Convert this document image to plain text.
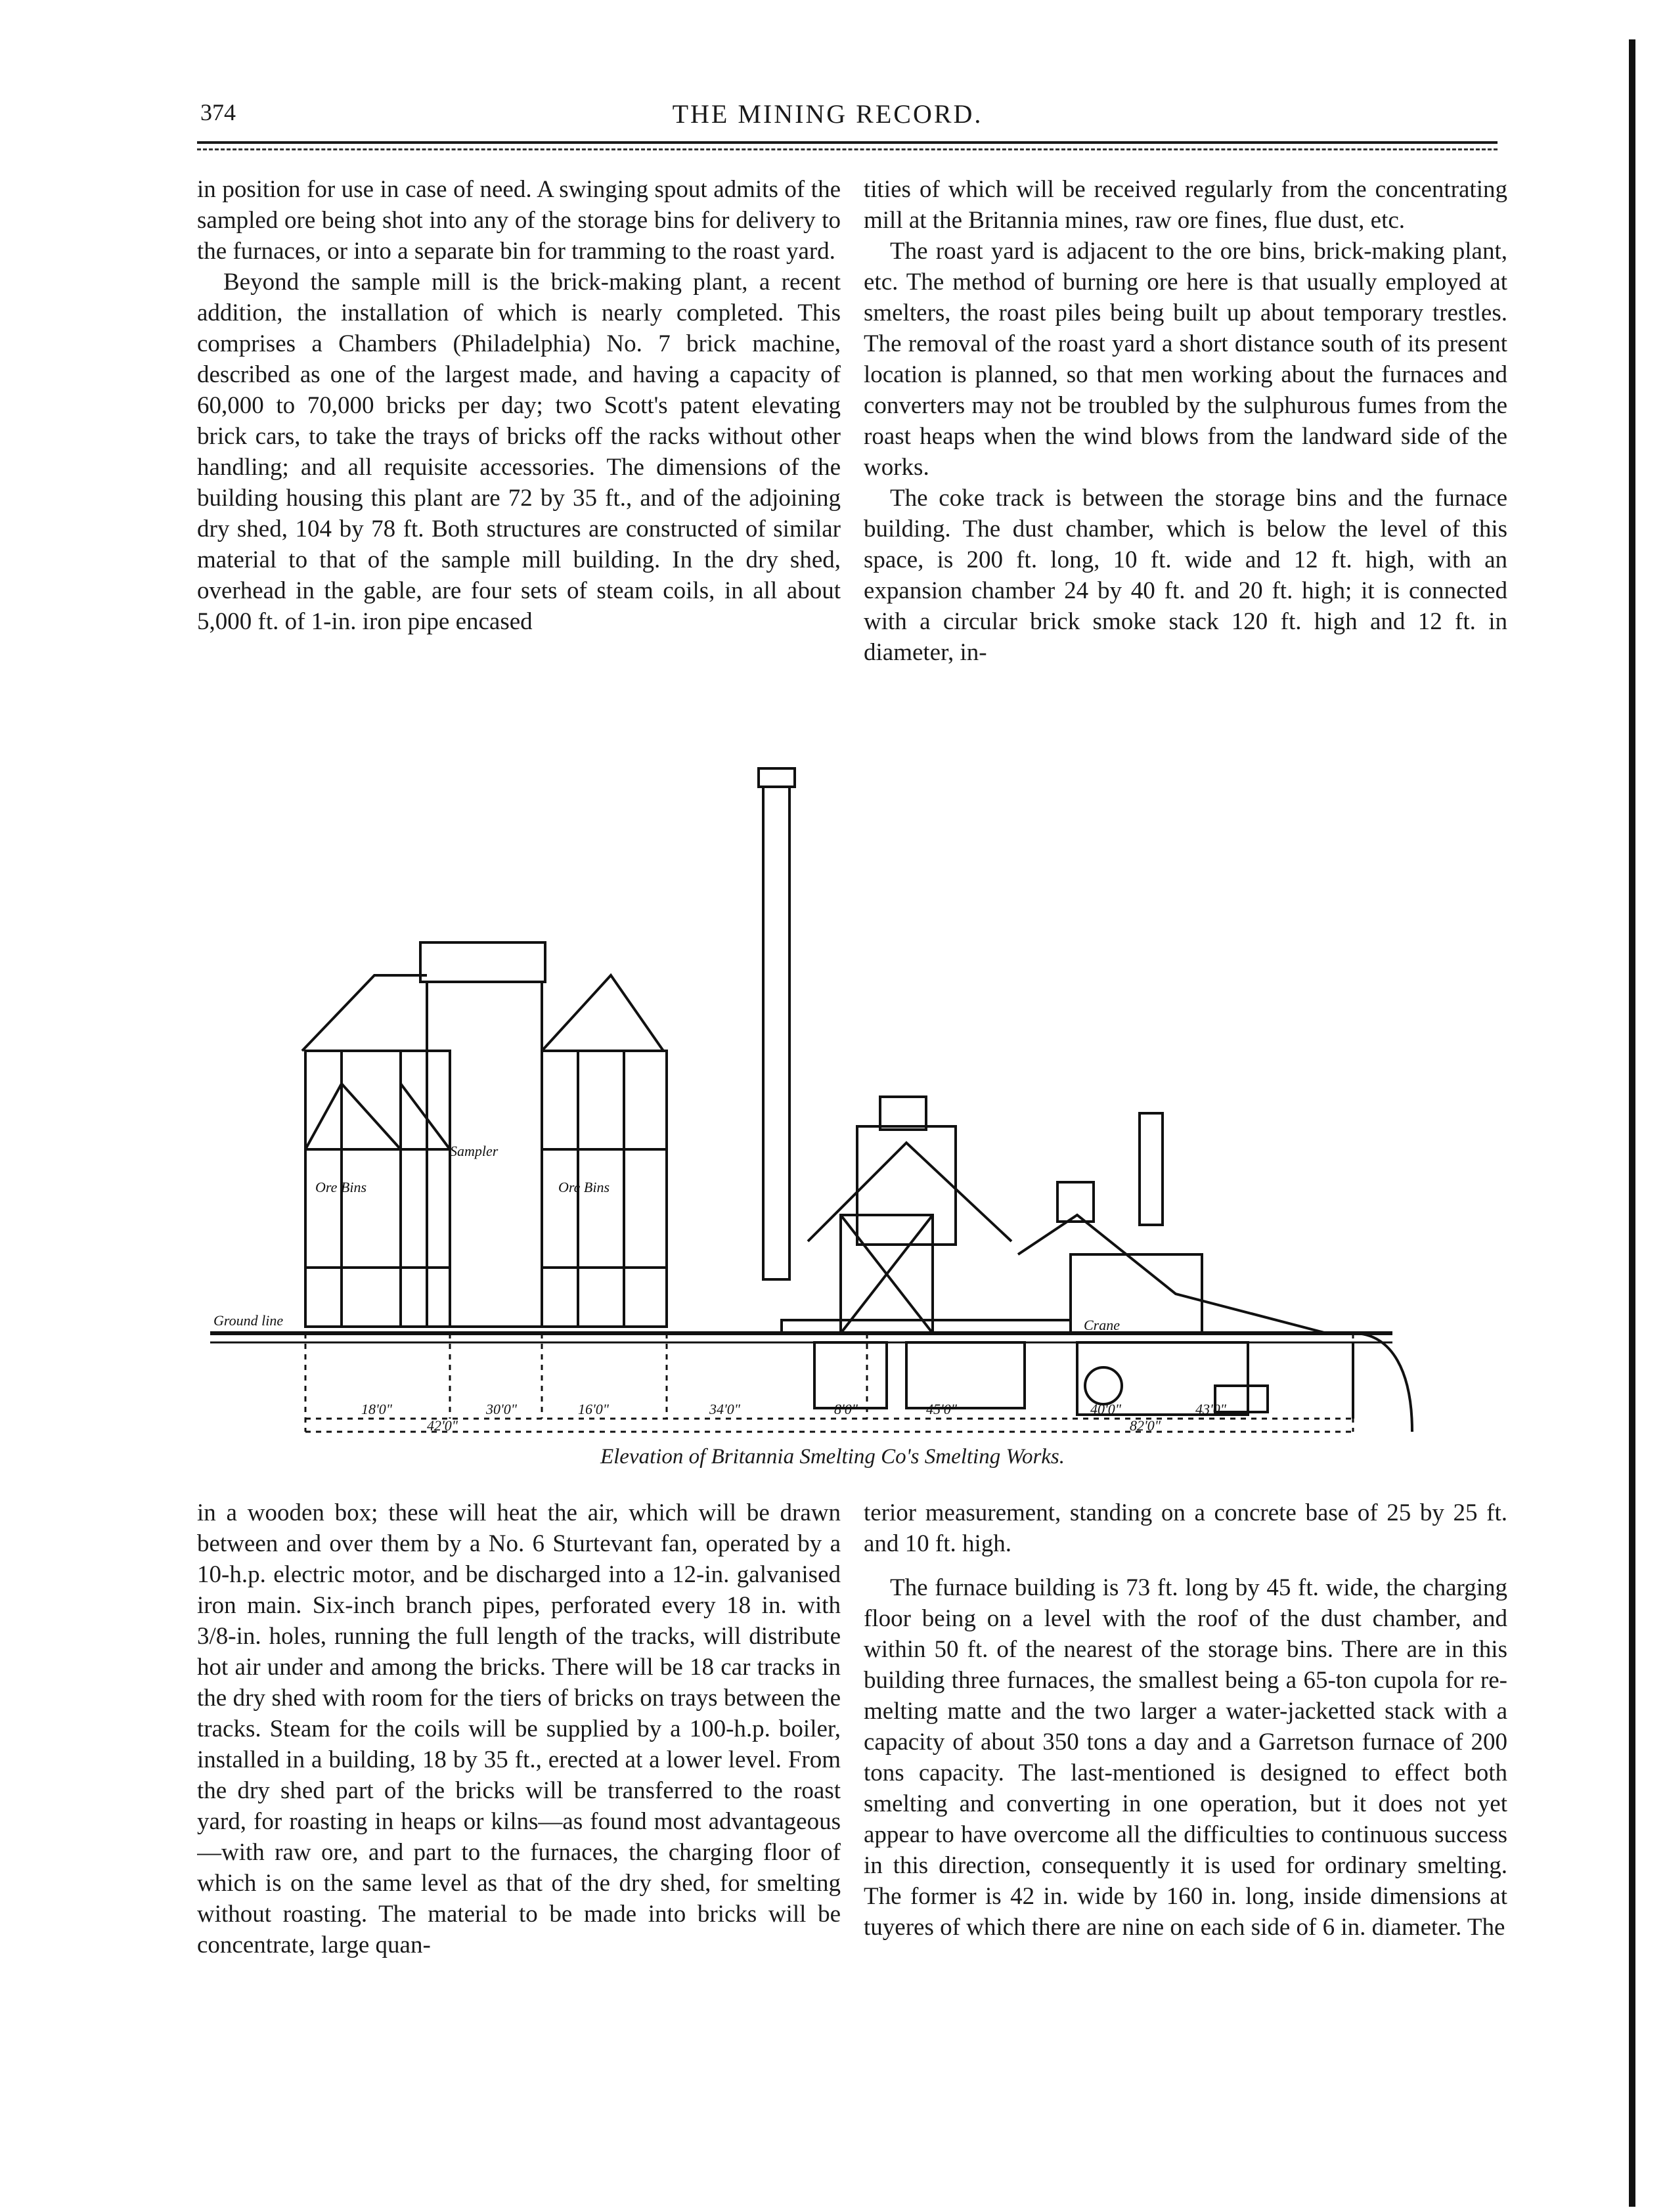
374	THE MINING RECORD.

in position for use in case of need. A swinging spout admits of the sampled ore being shot into any of the storage bins for delivery to the furnaces, or into a separate bin for tramming to the roast yard.

Beyond the sample mill is the brick-making plant, a recent addition, the installation of which is nearly completed. This comprises a Chambers (Philadelphia) No. 7 brick machine, described as one of the largest made, and having a capacity of 60,000 to 70,000 bricks per day; two Scott's patent elevating brick cars, to take the trays of bricks off the racks without other handling; and all requisite accessories. The dimensions of the building housing this plant are 72 by 35 ft., and of the adjoining dry shed, 104 by 78 ft. Both structures are constructed of similar material to that of the sample mill building. In the dry shed, overhead in the gable, are four sets of steam coils, in all about 5,000 ft. of 1-in. iron pipe encased

tities of which will be received regularly from the concentrating mill at the Britannia mines, raw ore fines, flue dust, etc.

The roast yard is adjacent to the ore bins, brick-making plant, etc. The method of burning ore here is that usually employed at smelters, the roast piles being built up about temporary trestles. The removal of the roast yard a short distance south of its present location is planned, so that men working about the furnaces and converters may not be troubled by the sulphurous fumes from the roast heaps when the wind blows from the landward side of the works.

The coke track is between the storage bins and the furnace building. The dust chamber, which is below the level of this space, is 200 ft. long, 10 ft. wide and 12 ft. high, with an expansion chamber 24 by 40 ft. and 20 ft. high; it is connected with a circular brick smoke stack 120 ft. high and 12 ft. in diameter, in-

Ore Bins
Sampler
Ore Bins
Ground line	Crane
18'0"
42'0"
30'0"	16'0"	34'0"	8'0"	45'0"	40'0"	43'0"
82'0"
Elevation of Britannia Smelting Co's Smelting Works.

in a wooden box; these will heat the air, which will be drawn between and over them by a No. 6 Sturtevant fan, operated by a 10-h.p. electric motor, and be discharged into a 12-in. galvanised iron main. Six-inch branch pipes, perforated every 18 in. with 3/8-in. holes, running the full length of the tracks, will distribute hot air under and among the bricks. There will be 18 car tracks in the dry shed with room for the tiers of bricks on trays between the tracks. Steam for the coils will be supplied by a 100-h.p. boiler, installed in a building, 18 by 35 ft., erected at a lower level. From the dry shed part of the bricks will be transferred to the roast yard, for roasting in heaps or kilns—as found most advantageous—with raw ore, and part to the furnaces, the charging floor of which is on the same level as that of the dry shed, for smelting without roasting. The material to be made into bricks will be concentrate, large quan-

terior measurement, standing on a concrete base of 25 by 25 ft. and 10 ft. high.

The furnace building is 73 ft. long by 45 ft. wide, the charging floor being on a level with the roof of the dust chamber, and within 50 ft. of the nearest of the storage bins. There are in this building three furnaces, the smallest being a 65-ton cupola for re-melting matte and the two larger a water-jacketted stack with a capacity of about 350 tons a day and a Garretson furnace of 200 tons capacity. The last-mentioned is designed to effect both smelting and converting in one operation, but it does not yet appear to have overcome all the difficulties to continuous success in this direction, consequently it is used for ordinary smelting. The former is 42 in. wide by 160 in. long, inside dimensions at tuyeres of which there are nine on each side of 6 in. diameter. The
